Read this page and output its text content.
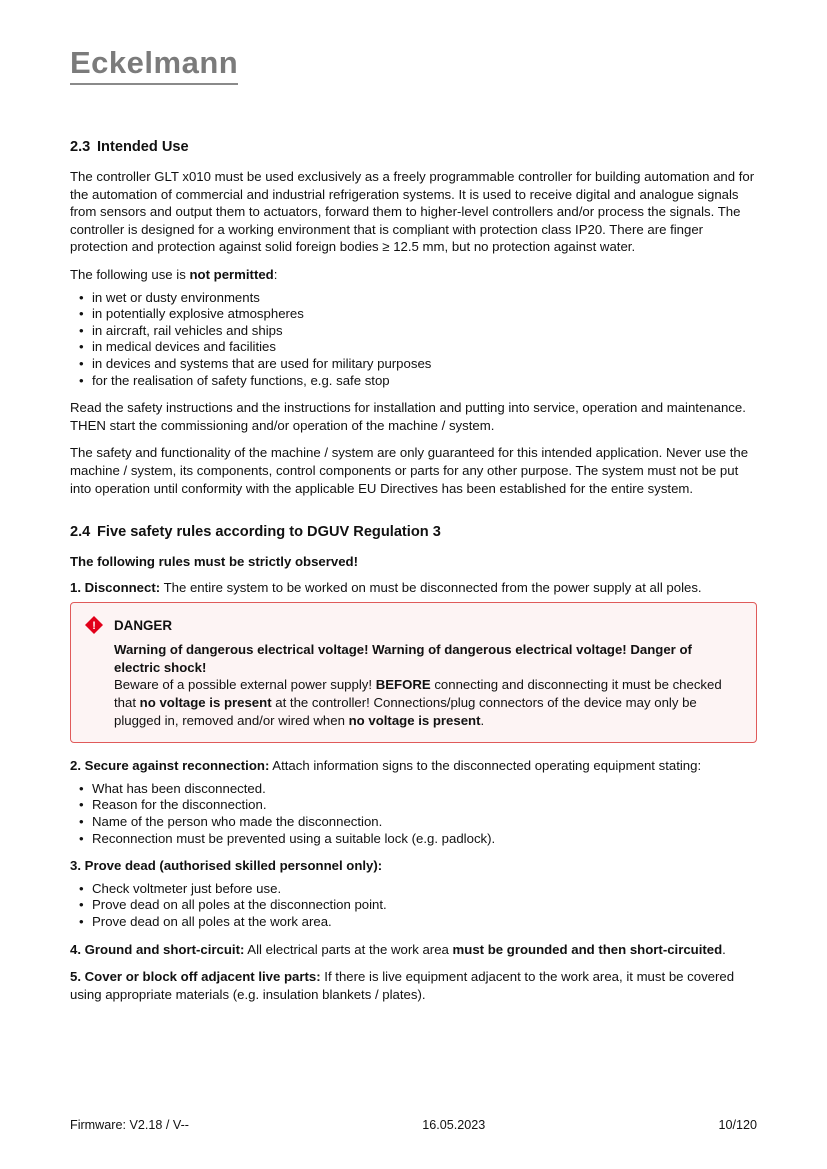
Eckelmann
2.3 Intended Use

The controller GLT x010 must be used exclusively as a freely programmable controller for building automation and for the automation of commercial and industrial refrigeration systems. It is used to receive digital and analogue signals from sensors and output them to actuators, forward them to higher-level controllers and/or process the signals. The controller is designed for a working environment that is compliant with protection class IP20. There are finger protection and protection against solid foreign bodies ≥ 12.5 mm, but no protection against water.

The following use is not permitted:

• in wet or dusty environments
• in potentially explosive atmospheres
• in aircraft, rail vehicles and ships
• in medical devices and facilities
• in devices and systems that are used for military purposes
• for the realisation of safety functions, e.g. safe stop

Read the safety instructions and the instructions for installation and putting into service, operation and maintenance. THEN start the commissioning and/or operation of the machine / system.

The safety and functionality of the machine / system are only guaranteed for this intended application. Never use the machine / system, its components, control components or parts for any other purpose. The system must not be put into operation until conformity with the applicable EU Directives has been established for the entire system.

2.4 Five safety rules according to DGUV Regulation 3

The following rules must be strictly observed!

1. Disconnect: The entire system to be worked on must be disconnected from the power supply at all poles.

! DANGER

Warning of dangerous electrical voltage! Warning of dangerous electrical voltage! Danger of electric shock!

Beware of a possible external power supply! BEFORE connecting and disconnecting it must be checked that no voltage is present at the controller! Connections/plug connectors of the device may only be plugged in, removed and/or wired when no voltage is present.

2. Secure against reconnection: Attach information signs to the disconnected operating equipment stating:

• What has been disconnected.
• Reason for the disconnection.
• Name of the person who made the disconnection.
• Reconnection must be prevented using a suitable lock (e.g. padlock).

3. Prove dead (authorised skilled personnel only):

• Check voltmeter just before use.
• Prove dead on all poles at the disconnection point.
• Prove dead on all poles at the work area.

4. Ground and short-circuit: All electrical parts at the work area must be grounded and then short-circuited.

5. Cover or block off adjacent live parts: If there is live equipment adjacent to the work area, it must be covered using appropriate materials (e.g. insulation blankets / plates).

Firmware: V2.18 / V--	16.05.2023	10/120
